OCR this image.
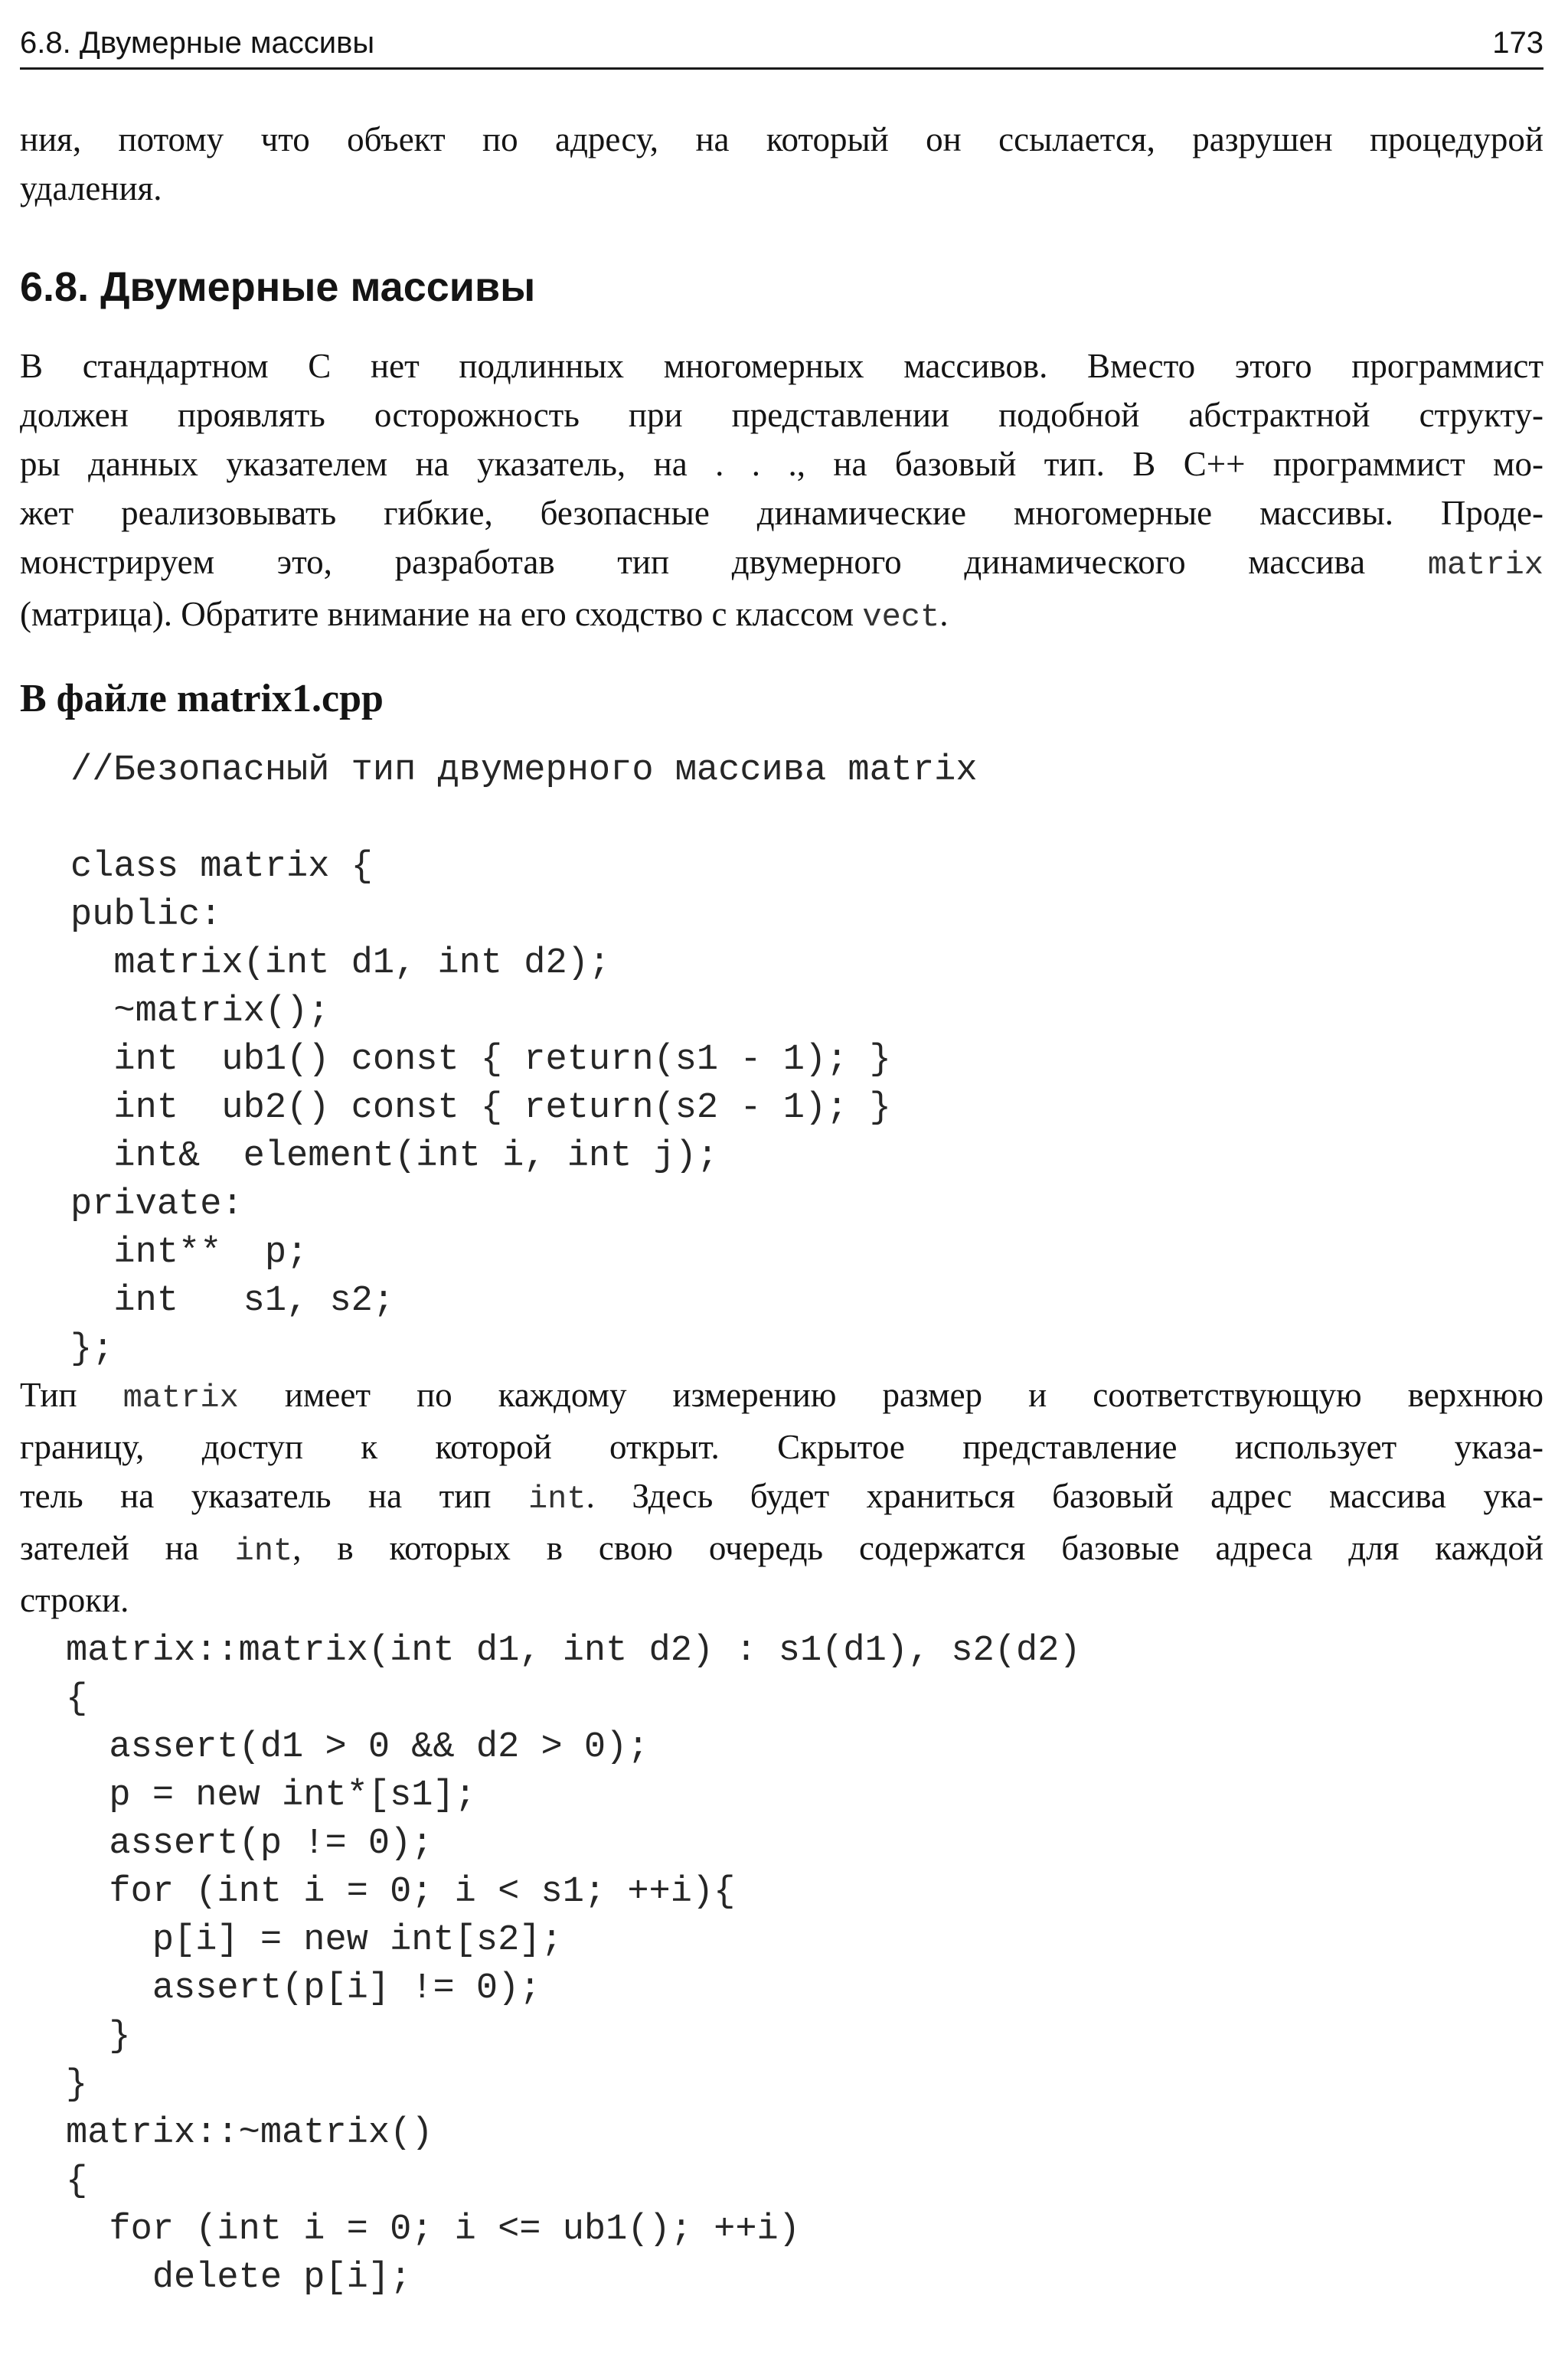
6.8. Двумерные массивы	173
ния, потому что объект по адресу, на который он ссылается, разрушен процедурой
удаления.
6.8. Двумерные массивы
В стандартном С нет подлинных многомерных массивов. Вместо этого программист
должен проявлять осторожность при представлении подобной абстрактной структу-
ры данных указателем на указатель, на . . ., на базовый тип. В С++ программист мо-
жет реализовывать гибкие, безопасные динамические многомерные массивы. Проде-
монстрируем это, разработав тип двумерного динамического массива matrix
(матрица). Обратите внимание на его сходство с классом vect.
В файле matrix1.cpp
//Безопасный тип двумерного массива matrix
class matrix {
public:
matrix(int d1, int d2);
~matrix();
int  ub1() const { return(s1 - 1); }
int  ub2() const { return(s2 - 1); }
int&  element(int i, int j);
private:
int**  p;
int   s1, s2;
};
Тип matrix имеет по каждому измерению размер и соответствующую верхнюю
границу, доступ к которой открыт. Скрытое представление использует указа-
тель на указатель на тип int. Здесь будет храниться базовый адрес массива ука-
зателей на int, в которых в свою очередь содержатся базовые адреса для каждой
строки.
matrix::matrix(int d1, int d2) : s1(d1), s2(d2)
{
assert(d1 > 0 && d2 > 0);
p = new int*[s1];
assert(p != 0);
for (int i = 0; i < s1; ++i){
p[i] = new int[s2];
assert(p[i] != 0);
}
}
matrix::~matrix()
{
for (int i = 0; i <= ub1(); ++i)
delete p[i];
